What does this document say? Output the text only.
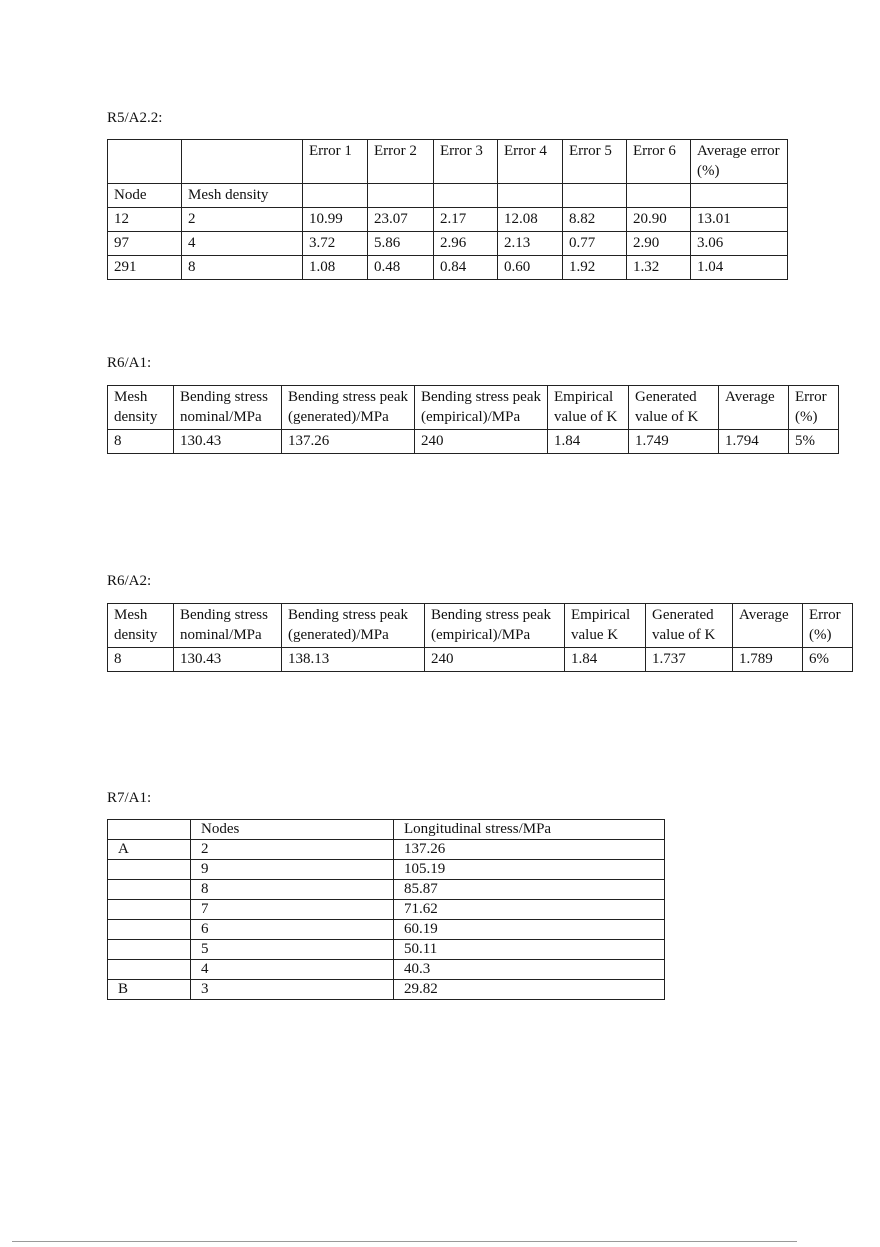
R5/A2.2:

		Error 1	Error 2	Error 3	Error 4	Error 5	Error 6	Average error (%)
Node	Mesh density							
12	2	10.99	23.07	2.17	12.08	8.82	20.90	13.01
97	4	3.72	5.86	2.96	2.13	0.77	2.90	3.06
291	8	1.08	0.48	0.84	0.60	1.92	1.32	1.04

R6/A1:

Mesh density	Bending stress nominal/MPa	Bending stress peak (generated)/MPa	Bending stress peak (empirical)/MPa	Empirical value of K	Generated value of K	Average	Error (%)
8	130.43	137.26	240	1.84	1.749	1.794	5%

R6/A2:

Mesh density	Bending stress nominal/MPa	Bending stress peak (generated)/MPa	Bending stress peak (empirical)/MPa	Empirical value K	Generated value of K	Average	Error (%)
8	130.43	138.13	240	1.84	1.737	1.789	6%

R7/A1:

	Nodes	Longitudinal stress/MPa
A	2	137.26
	9	105.19
	8	85.87
	7	71.62
	6	60.19
	5	50.11
	4	40.3
B	3	29.82
